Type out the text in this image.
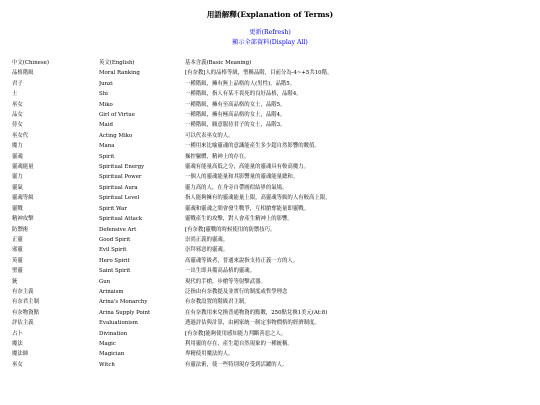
用語解釋(Explanation of Terms)
更新(Refresh)
顯示全部資料(Display All)
中文(Chinese)	英文(English)	基本含義(Basic Meaning)
品格階級	Moral Ranking	[有奈教]人的品格等級，聖稱品階，目前分為-4~+5共10階。
君子	Junzi	一種階級，擁有無上品格的人(男性)，品階5。
士	Shi	一種階級，指人有某不畏死的良好品格，品階4。
巫女	Miko	一種階級，擁有至高品格的女士，品階5。
品女	Girl of Virtue	一種階級，擁有極高品格的女士，品階4。
侍女	Maid	一種階級，願意服侍君子的女士，品階3。
巫女代	Acting Miko	可以代表巫女的人。
魔力	Mana	一種用來比喻靈魂的意識能產生多少超自然影響的數值。
靈魂	Spirit	操控軀體，精神上的存在。
靈魂能量	Spiritual Energy	靈魂有能量高低之分，高能量的靈魂具有較高魔力。
靈力	Spiritual Power	一個人的靈魂能量和其影響量的靈魂能量總和。
靈氣	Spiritual Aura	靈力高的人，在身旁自帶圓似結界的氣場。
靈魂等級	Spiritual Level	指人能夠擁有的靈魂能量上限，高靈魂等級的人有較高上限。
靈戰	Spirit War	靈魂和靈魂之間會發生戰爭，互相搶奪能量即靈戰。
精神攻擊	Spiritual Attack	靈戰產生的攻擊，對人會產生精神上的影響。
防禦術	Defensive Art	[有奈教]靈戰的時候使用的防禦技巧。
正靈	Good Spirit	崇尚正義的靈魂。
邪靈	Evil Spirit	崇拜邪惡的靈魂。
英靈	Hero Spirit	高靈魂等級者，普通來說指支持正義一方的人。
聖靈	Saint Spirit	一出生即具備高品格的靈魂。
銃	Gun	現代的手槍，步槍等等射擊武器。
有奈主義	Arinaism	泛指由有奈教提及並實行的制度或哲學理念
有奈君主制	Arina's Monarchy	有奈教設置的階級君主制。
有奈物資點	Arina Supply Point	在有奈教用來兌換普通物資的點數，250點兌換1美元(At:8)
評估主義	Evaluationism	透過評估與計算，由國家統一制定事物價格的經濟制度。
占卜	Divination	[有奈教]能夠使用感知能力判斷善惡之人。
魔法	Magic	利用靈的存在，產生超自然現象的一種統稱。
魔法師	Magician	專精使用魔法的人。
巫女	Witch	有靈法術，使一些特別現存受到活躍的人。
